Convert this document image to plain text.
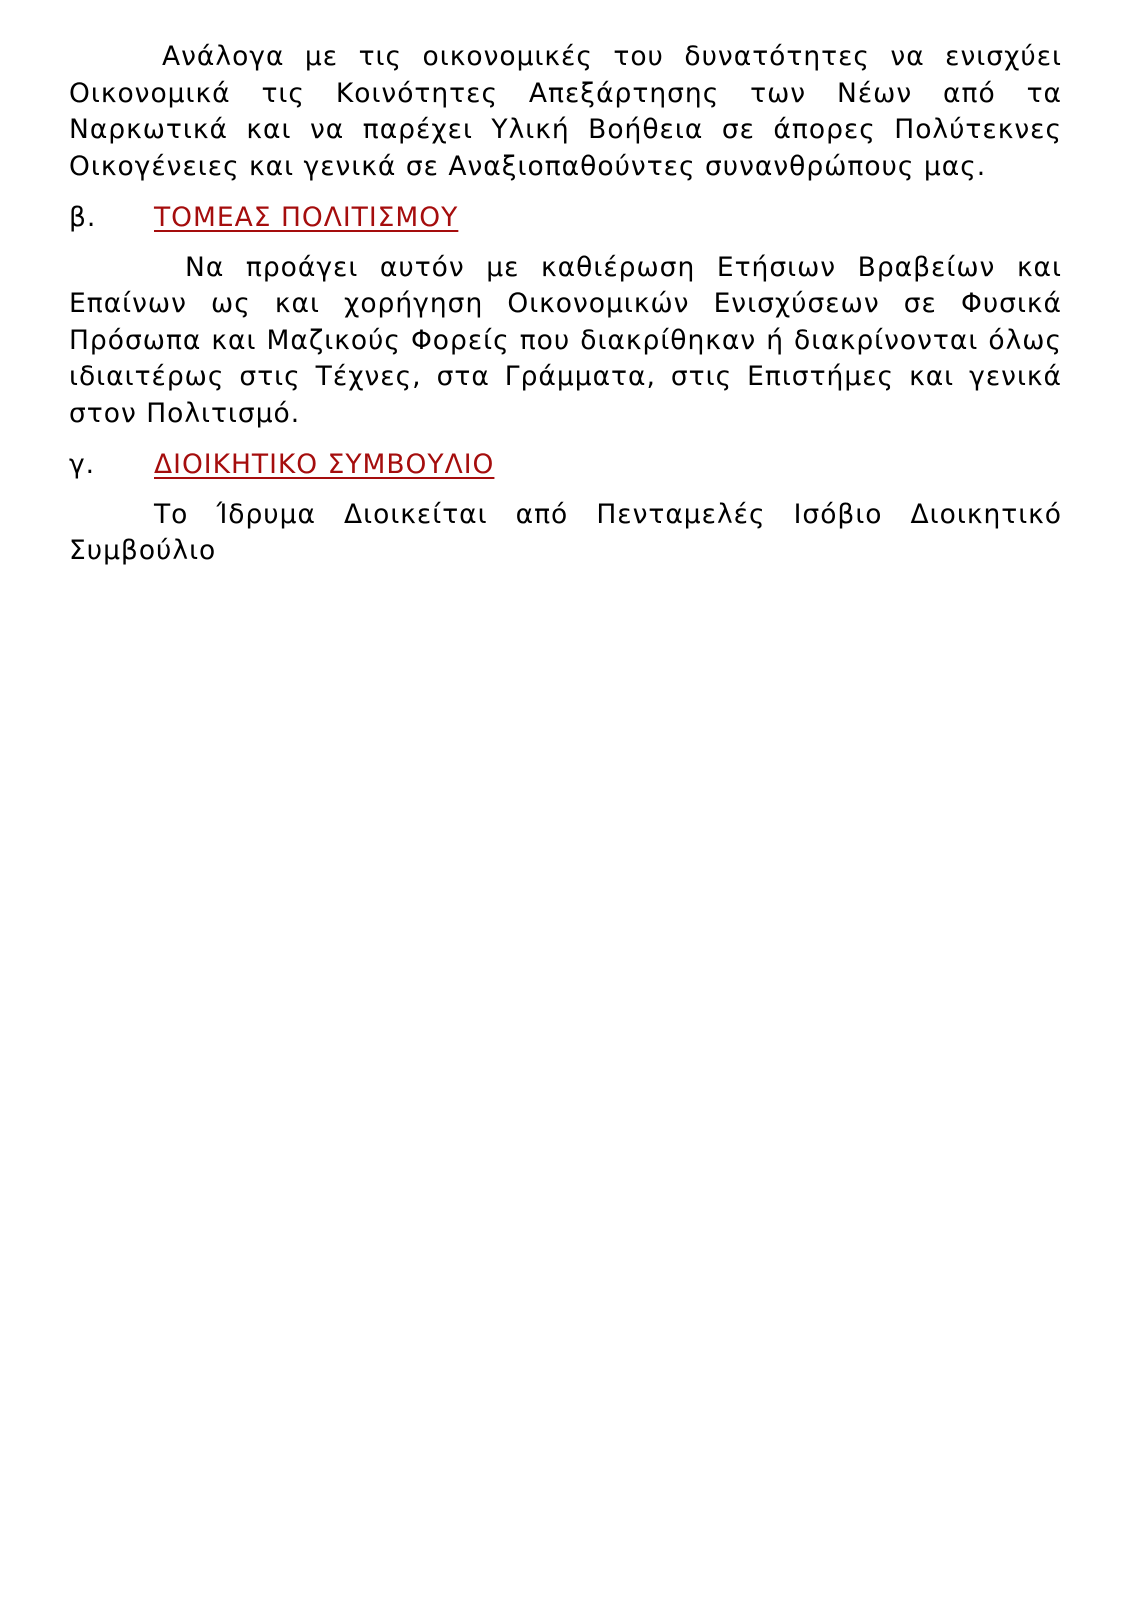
Ανάλογα με τις οικονομικές του δυνατότητες να ενισχύει Οικονομικά τις Κοινότητες Απεξάρτησης των Νέων από τα Ναρκωτικά και να παρέχει Υλική Βοήθεια σε άπορες Πολύτεκνες Οικογένειες και γενικά σε Αναξιοπαθούντες συνανθρώπους μας.

β.	ΤΟΜΕΑΣ ΠΟΛΙΤΙΣΜΟΥ

Να προάγει αυτόν με καθιέρωση Ετήσιων Βραβείων και Επαίνων ως και χορήγηση Οικονομικών Ενισχύσεων σε Φυσικά Πρόσωπα και Μαζικούς Φορείς που διακρίθηκαν ή διακρίνονται όλως ιδιαιτέρως στις Τέχνες, στα Γράμματα, στις Επιστήμες και γενικά στον Πολιτισμό.

γ.	ΔΙΟΙΚΗΤΙΚΟ ΣΥΜΒΟΥΛΙΟ

Το Ίδρυμα Διοικείται από Πενταμελές Ισόβιο Διοικητικό Συμβούλιο
